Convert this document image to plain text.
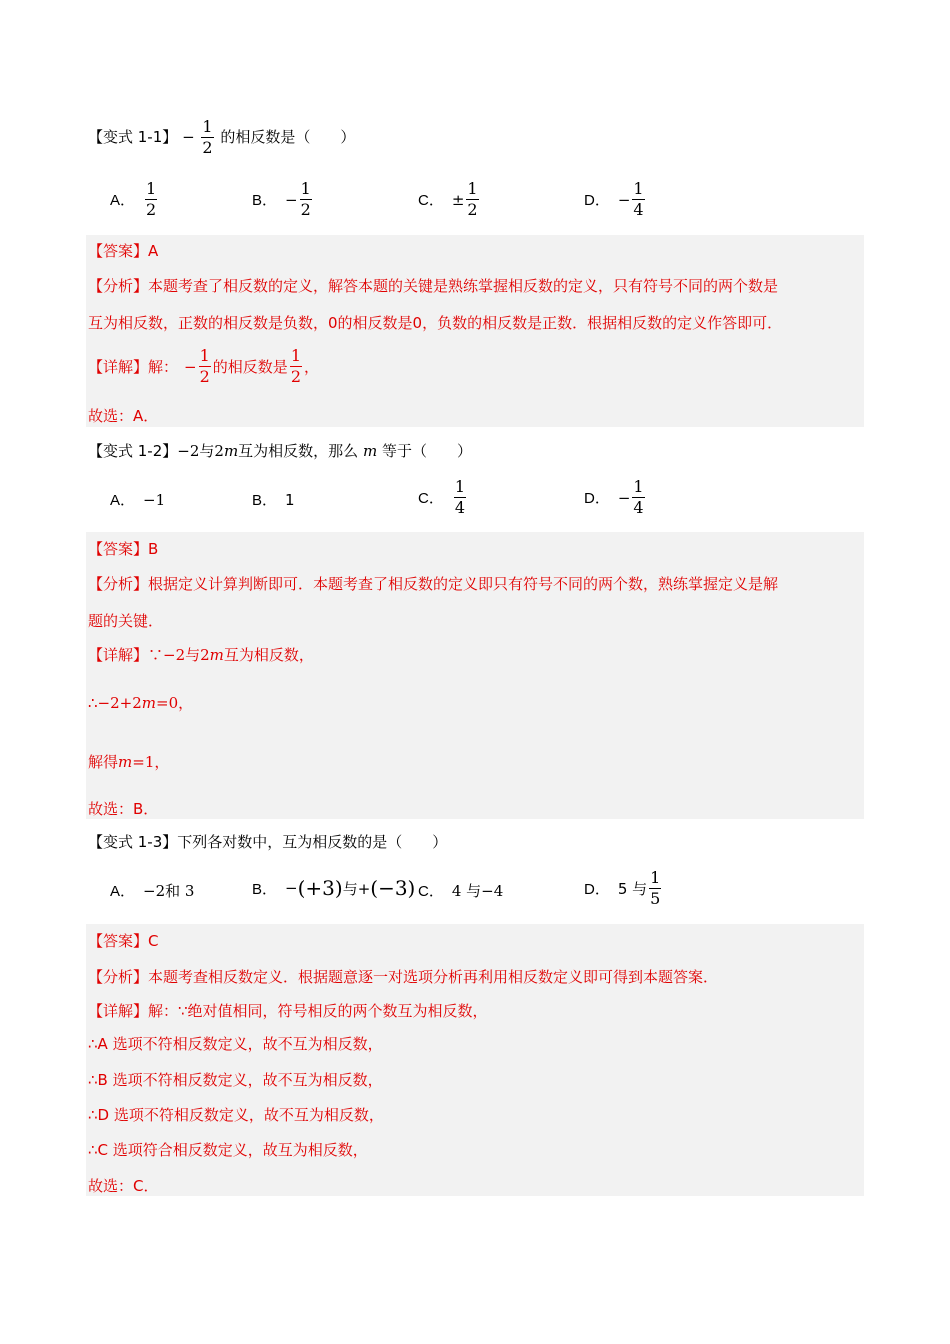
【变式 1-1】 − $\frac{1}{2}$ 的相反数是（　　）
A． $\frac{1}{2}$	B． − $\frac{1}{2}$	C． ± $\frac{1}{2}$	D． − $\frac{1}{4}$
【答案】A
【分析】本题考查了相反数的定义，解答本题的关键是熟练掌握相反数的定义，只有符号不同的两个数是
互为相反数，正数的相反数是负数，0的相反数是0，负数的相反数是正数．根据相反数的定义作答即可．
【详解】 解： − $\frac{1}{2}$ 的相反数是 $\frac{1}{2}$ ，
故选：A．
【变式 1-2】−2与2m互为相反数，那么 m 等于（　　）
A． −1	B． 1	C． $\frac{1}{4}$	D． − $\frac{1}{4}$
【答案】B
【分析】根据定义计算判断即可．本题考查了相反数的定义即只有符号不同的两个数，熟练掌握定义是解
题的关键．
【详解】∵−2与2m互为相反数，
∴−2+2m=0，
解得m=1，
故选：B．
【变式 1-3】下列各对数中，互为相反数的是（　　）
A． −2和 3	B． − (+3) 与+ (−3) C． 4 与−4	D． 5 与 $\frac{1}{5}$
【答案】C
【分析】本题考查相反数定义．根据题意逐一对选项分析再利用相反数定义即可得到本题答案．
【详解】解：∵绝对值相同，符号相反的两个数互为相反数，
∴A 选项不符相反数定义，故不互为相反数，
∴B 选项不符相反数定义，故不互为相反数，
∴D 选项不符相反数定义，故不互为相反数，
∴C 选项符合相反数定义，故互为相反数，
故选：C．
